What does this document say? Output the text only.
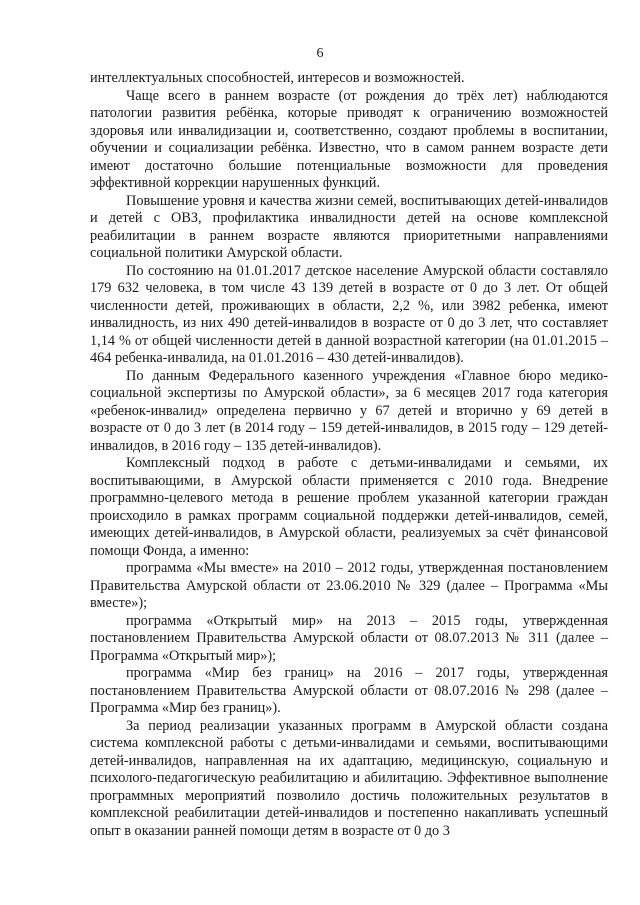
6

интеллектуальных способностей, интересов и возможностей.

Чаще всего в раннем возрасте (от рождения до трёх лет) наблюдаются патологии развития ребёнка, которые приводят к ограничению возможностей здоровья или инвалидизации и, соответственно, создают проблемы в воспитании, обучении и социализации ребёнка. Известно, что в самом раннем возрасте дети имеют достаточно большие потенциальные возможности для проведения эффективной коррекции нарушенных функций.

Повышение уровня и качества жизни семей, воспитывающих детей-инвалидов и детей с ОВЗ, профилактика инвалидности детей на основе комплексной реабилитации в раннем возрасте являются приоритетными направлениями социальной политики Амурской области.

По состоянию на 01.01.2017 детское население Амурской области составляло 179 632 человека, в том числе 43 139 детей в возрасте от 0 до 3 лет. От общей численности детей, проживающих в области, 2,2 %, или 3982 ребенка, имеют инвалидность, из них 490 детей-инвалидов в возрасте от 0 до 3 лет, что составляет 1,14 % от общей численности детей в данной возрастной категории (на 01.01.2015 – 464 ребенка-инвалида, на 01.01.2016 – 430 детей-инвалидов).

По данным Федерального казенного учреждения «Главное бюро медико-социальной экспертизы по Амурской области», за 6 месяцев 2017 года категория «ребенок-инвалид» определена первично у 67 детей и вторично у 69 детей в возрасте от 0 до 3 лет (в 2014 году – 159 детей-инвалидов, в 2015 году – 129 детей-инвалидов, в 2016 году – 135 детей-инвалидов).

Комплексный подход в работе с детьми-инвалидами и семьями, их воспитывающими, в Амурской области применяется с 2010 года. Внедрение программно-целевого метода в решение проблем указанной категории граждан происходило в рамках программ социальной поддержки детей-инвалидов, семей, имеющих детей-инвалидов, в Амурской области, реализуемых за счёт финансовой помощи Фонда, а именно:

программа «Мы вместе» на 2010 – 2012 годы, утвержденная постановлением Правительства Амурской области от 23.06.2010 № 329 (далее – Программа «Мы вместе»);

программа «Открытый мир» на 2013 – 2015 годы, утвержденная постановлением Правительства Амурской области от 08.07.2013 № 311 (далее – Программа «Открытый мир»);

программа «Мир без границ» на 2016 – 2017 годы, утвержденная постановлением Правительства Амурской области от 08.07.2016 № 298 (далее – Программа «Мир без границ»).

За период реализации указанных программ в Амурской области создана система комплексной работы с детьми-инвалидами и семьями, воспитывающими детей-инвалидов, направленная на их адаптацию, медицинскую, социальную и психолого-педагогическую реабилитацию и абилитацию. Эффективное выполнение программных мероприятий позволило достичь положительных результатов в комплексной реабилитации детей-инвалидов и постепенно накапливать успешный опыт в оказании ранней помощи детям в возрасте от 0 до 3
